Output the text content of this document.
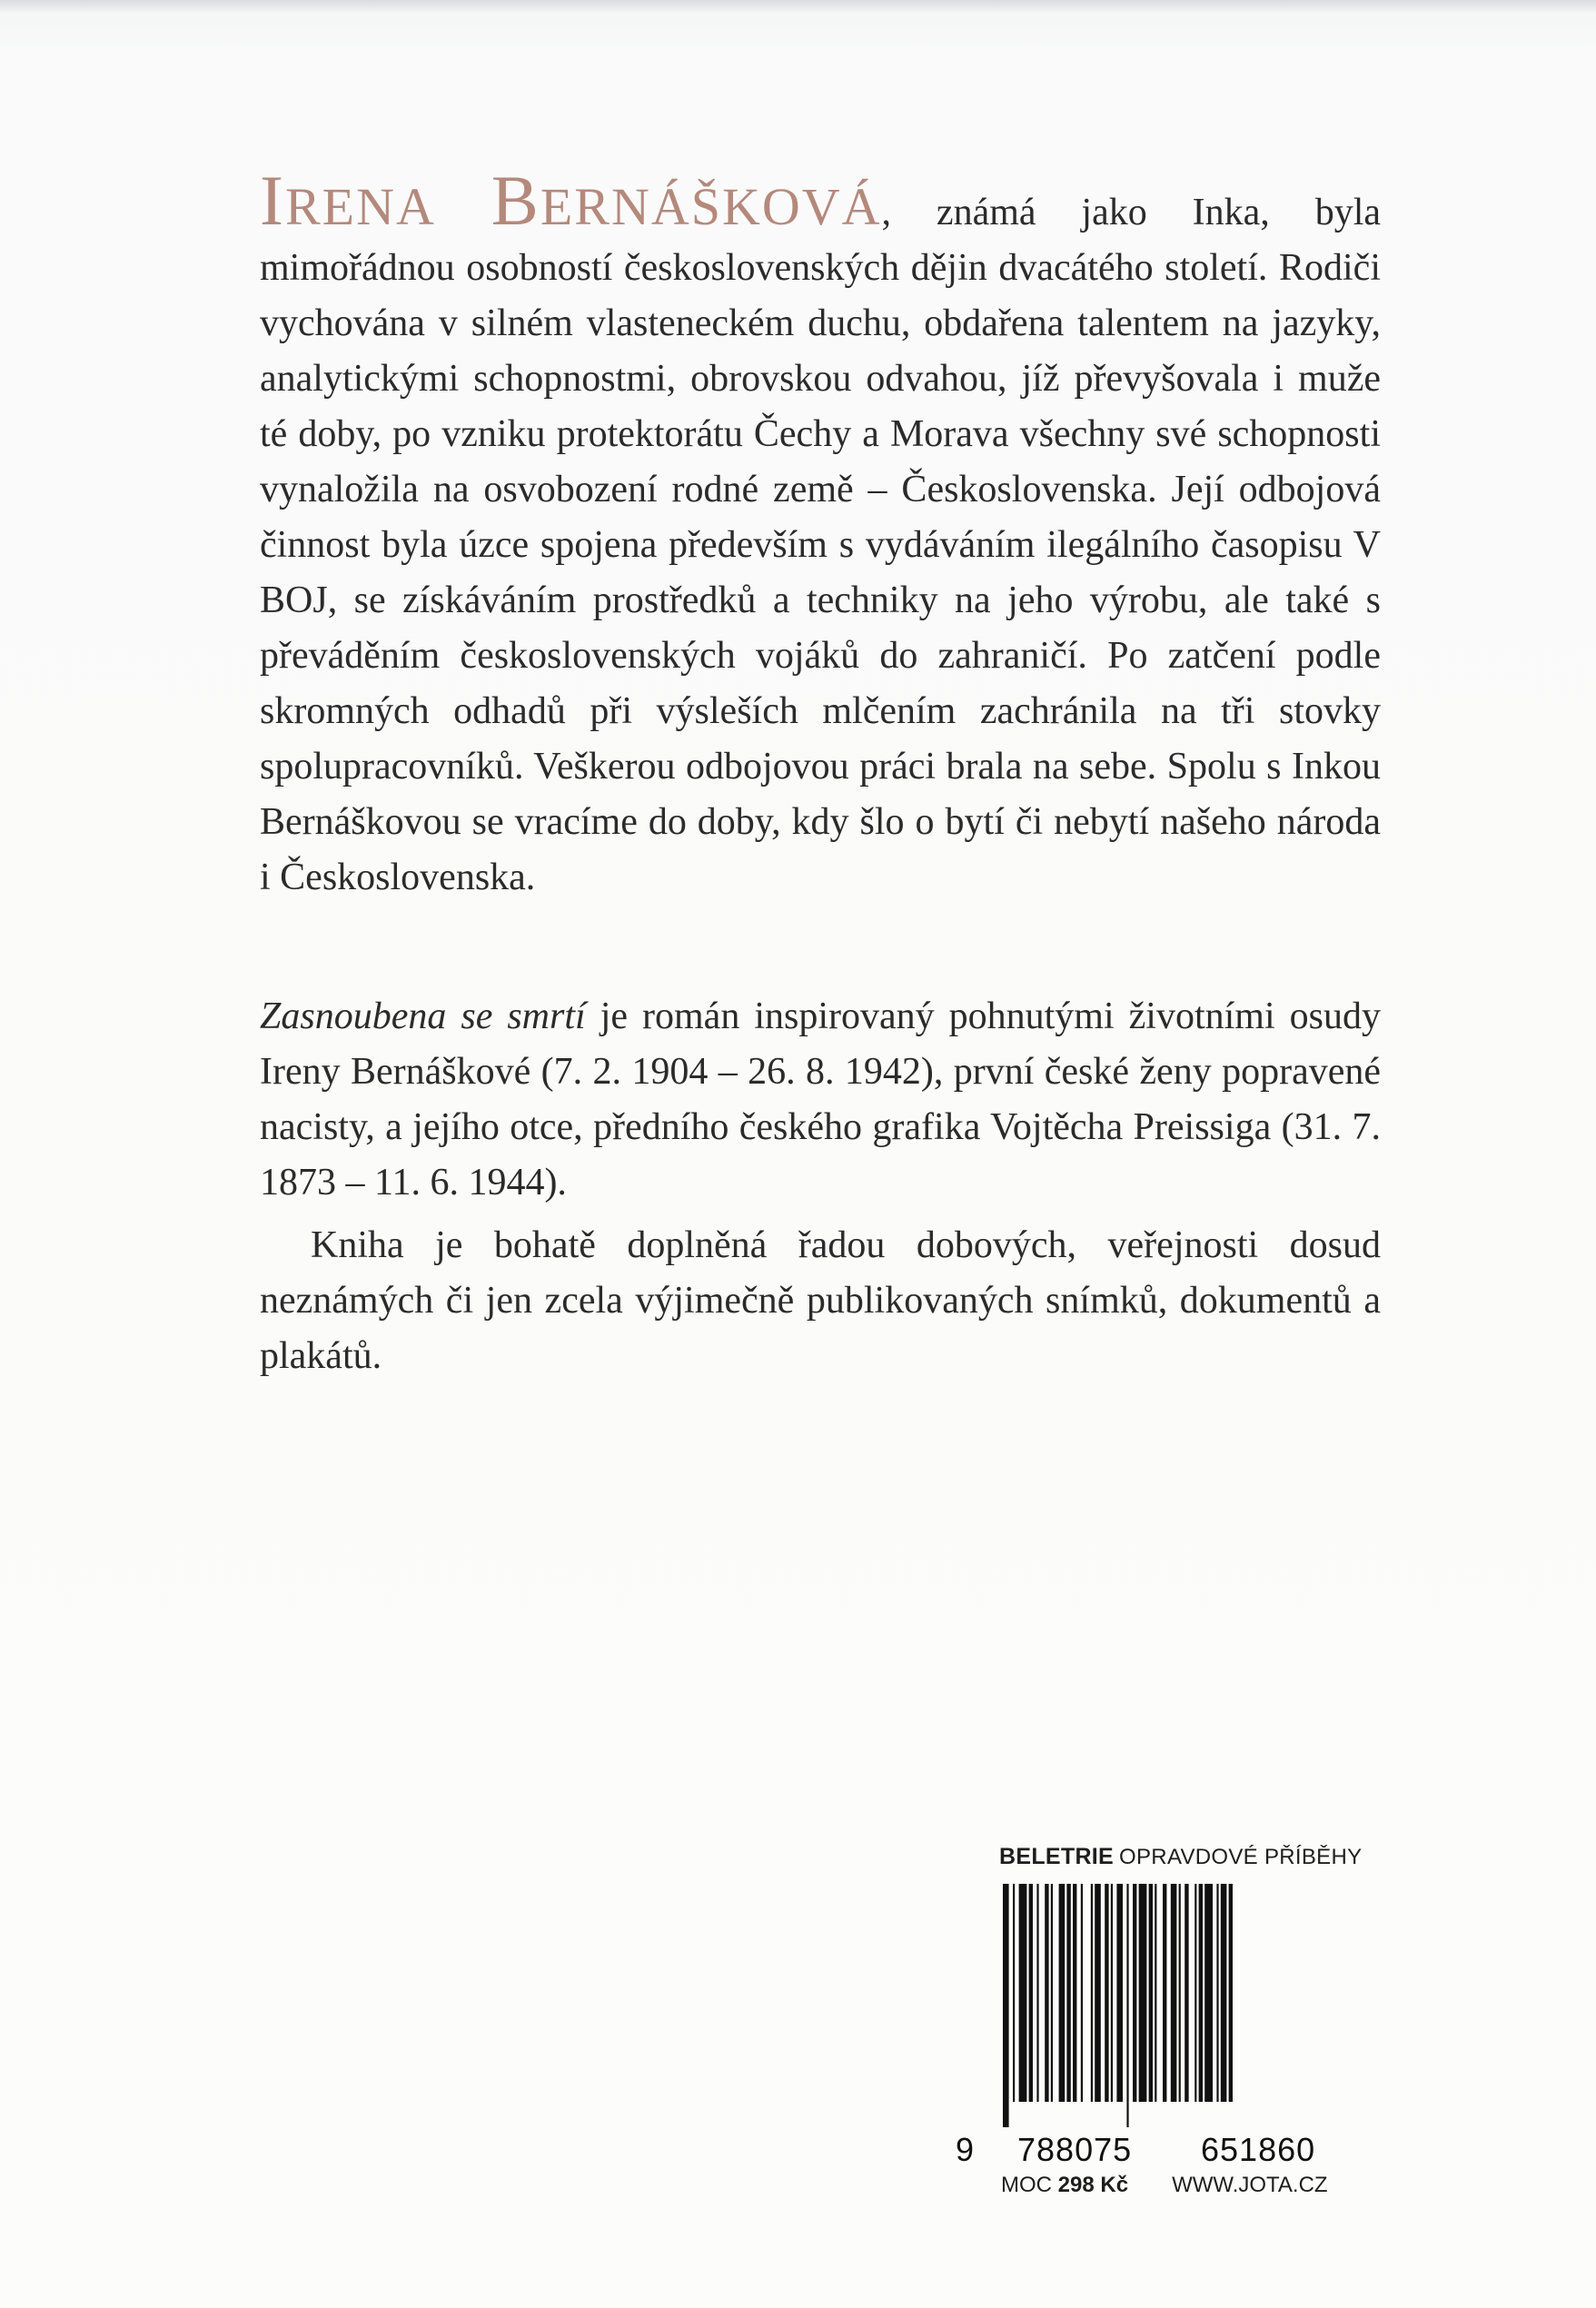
IRENA BERNÁŠKOVÁ, známá jako Inka, byla mimořádnou osobností československých dějin dvacátého století. Rodiči vychována v silném vlasteneckém duchu, obdařena talentem na jazyky, analytickými schopnostmi, obrovskou odvahou, jíž převyšovala i muže té doby, po vzniku protektorátu Čechy a Morava všechny své schopnosti vynaložila na osvobození rodné země – Československa. Její odbojová činnost byla úzce spojena především s vydáváním ilegálního časopisu V BOJ, se získáváním prostředků a techniky na jeho výrobu, ale také s převáděním československých vojáků do zahraničí. Po zatčení podle skromných odhadů při výsleších mlčením zachránila na tři stovky spolupracovníků. Veškerou odbojovou práci brala na sebe. Spolu s Inkou Bernáškovou se vracíme do doby, kdy šlo o bytí či nebytí našeho národa i Československa.

Zasnoubena se smrtí je román inspirovaný pohnutými životními osudy Ireny Bernáškové (7. 2. 1904 – 26. 8. 1942), první české ženy popravené nacisty, a jejího otce, předního českého grafika Vojtěcha Preissiga (31. 7. 1873 – 11. 6. 1944).

Kniha je bohatě doplněná řadou dobových, veřejnosti dosud neznámých či jen zcela výjimečně publikovaných snímků, dokumentů a plakátů.

BELETRIE OPRAVDOVÉ PŘÍBĚHY
9 788075 651860
MOC 298 Kč WWW.JOTA.CZ
